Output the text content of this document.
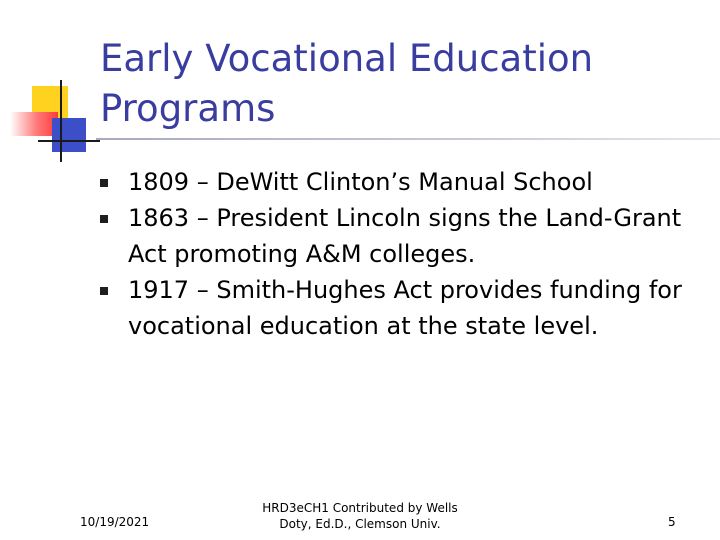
Early Vocational Education Programs
1809 – DeWitt Clinton’s Manual School
1863 – President Lincoln signs the Land-Grant Act promoting A&M colleges.
1917 – Smith-Hughes Act provides funding for vocational education at the state level.
10/19/2021
HRD3eCH1 Contributed by Wells
Doty, Ed.D., Clemson Univ.	5
